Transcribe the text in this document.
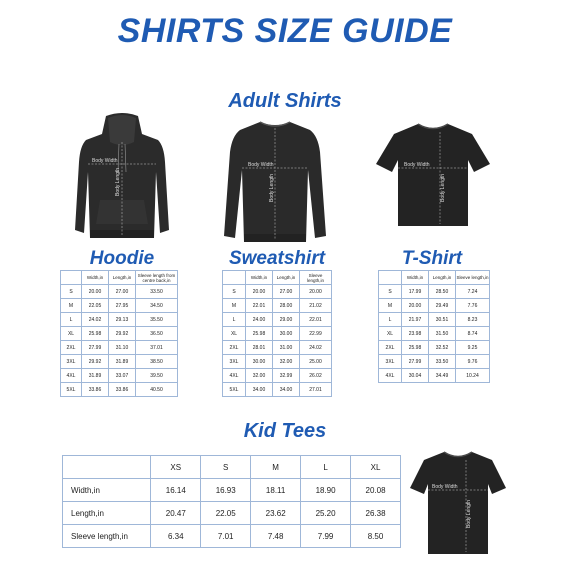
SHIRTS SIZE GUIDE
Adult Shirts
Body Width
Body Length
Body Width
Body Length
Body Width
Body Length
Hoodie	Sweatshirt	T-Shirt
	Width,in	Length,in	Sleeve length from centre back,in
S	20.00	27.00	33.50
M	22.05	27.95	34.50
L	24.02	29.13	35.50
XL	25.98	29.92	36.50
2XL	27.99	31.10	37.01
3XL	29.92	31.89	38.50
4XL	31.89	33.07	39.50
5XL	33.86	33.86	40.50
	Width,in	Length,in	Sleeve length,in
S	20.00	27.00	20.00
M	22.01	28.00	21.02
L	24.00	29.00	22.01
XL	25.98	30.00	22.99
2XL	28.01	31.00	24.02
3XL	30.00	32.00	25.00
4XL	32.00	32.99	26.02
5XL	34.00	34.00	27.01
	Width,in	Length,in	Sleeve length,in
S	17.99	28.50	7.24
M	20.00	29.49	7.76
L	21.97	30.51	8.23
XL	23.98	31.50	8.74
2XL	25.98	32.52	9.25
3XL	27.99	33.50	9.76
4XL	30.04	34.49	10.24
Kid Tees
	XS	S	M	L	XL
Width,in	16.14	16.93	18.11	18.90	20.08
Length,in	20.47	22.05	23.62	25.20	26.38
Sleeve length,in	6.34	7.01	7.48	7.99	8.50
Body Width
Body Length
